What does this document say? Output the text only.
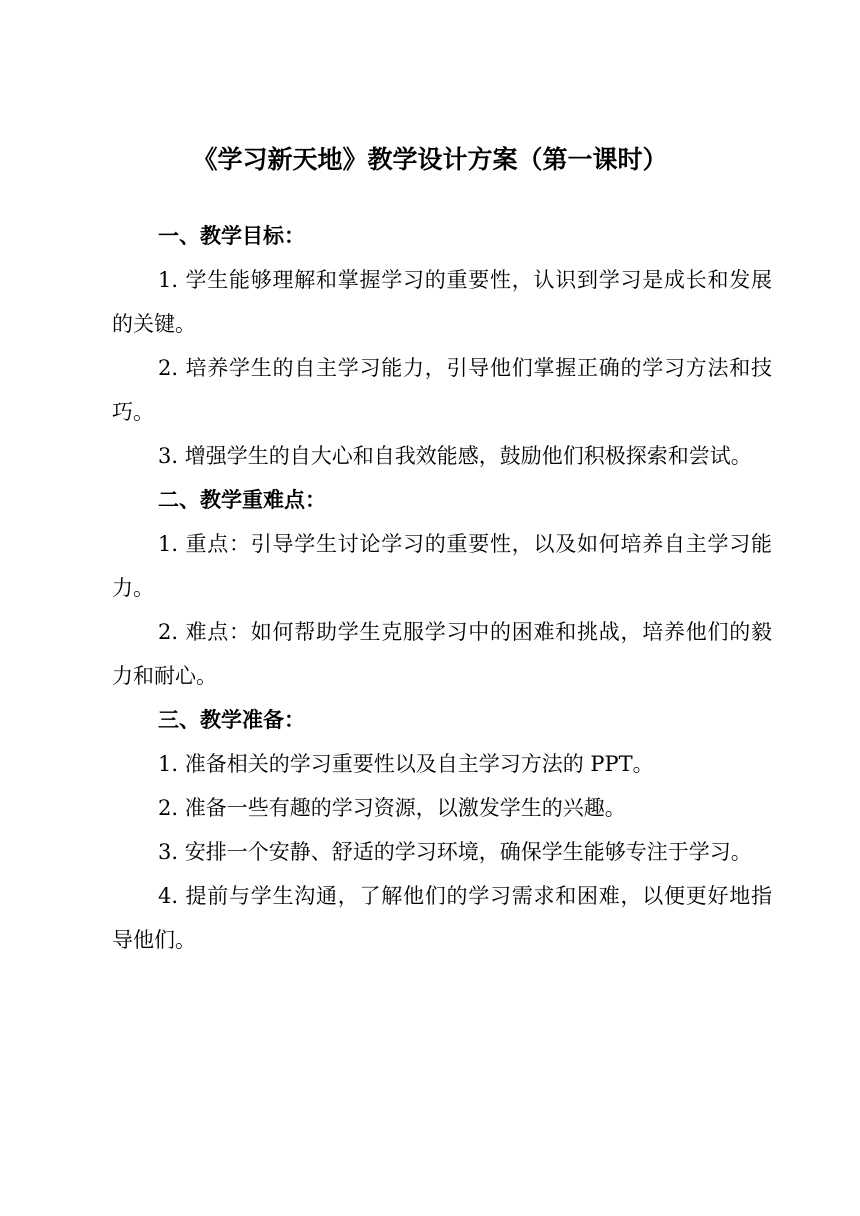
《学习新天地》教学设计方案（第一课时）

一、教学目标：

1. 学生能够理解和掌握学习的重要性，认识到学习是成长和发展的关键。

2. 培养学生的自主学习能力，引导他们掌握正确的学习方法和技巧。

3. 增强学生的自大心和自我效能感，鼓励他们积极探索和尝试。

二、教学重难点：

1. 重点：引导学生讨论学习的重要性，以及如何培养自主学习能力。

2. 难点：如何帮助学生克服学习中的困难和挑战，培养他们的毅力和耐心。

三、教学准备：

1. 准备相关的学习重要性以及自主学习方法的 PPT。

2. 准备一些有趣的学习资源，以激发学生的兴趣。

3. 安排一个安静、舒适的学习环境，确保学生能够专注于学习。

4. 提前与学生沟通，了解他们的学习需求和困难，以便更好地指导他们。
